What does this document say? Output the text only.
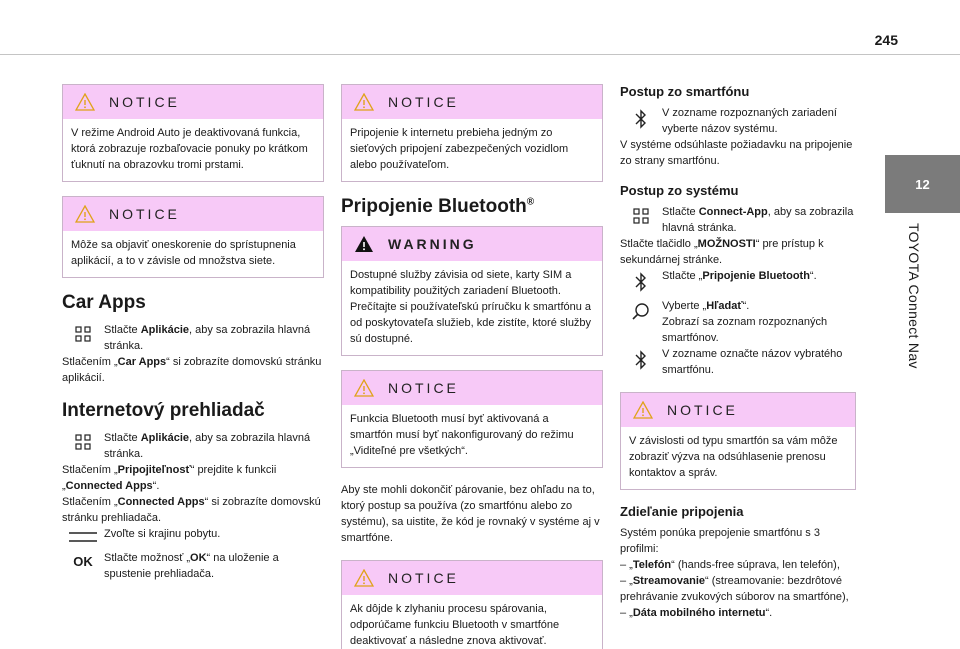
245
12
TOYOTA Connect Nav
NOTICE
V režime Android Auto je deaktivovaná funkcia, ktorá zobrazuje rozbaľovacie ponuky po krátkom ťuknutí na obrazovku tromi prstami.
NOTICE
Môže sa objaviť oneskorenie do sprístupnenia aplikácií, a to v závisle od množstva siete.
Car Apps

Stlačte Aplikácie, aby sa zobrazila hlavná stránka.

Stlačením „Car Apps“ si zobrazíte domovskú stránku aplikácií.

Internetový prehliadač

Stlačte Aplikácie, aby sa zobrazila hlavná stránka.

Stlačením „Pripojiteľnosť“ prejdite k funkcii „Connected Apps“.

Stlačením „Connected Apps“ si zobrazíte domovskú stránku prehliadača.

Zvoľte si krajinu pobytu.

OK	Stlačte možnosť „OK“ na uloženie a spustenie prehliadača.

NOTICE
Pripojenie k internetu prebieha jedným zo sieťových pripojení zabezpečených vozidlom alebo používateľom.
Pripojenie Bluetooth®
WARNING
Dostupné služby závisia od siete, karty SIM a kompatibility použitých zariadení Bluetooth. Prečítajte si používateľskú príručku k smartfónu a od poskytovateľa služieb, kde zistíte, ktoré služby sú dostupné.
NOTICE
Funkcia Bluetooth musí byť aktivovaná a smartfón musí byť nakonfigurovaný do režimu „Viditeľné pre všetkých“.

Aby ste mohli dokončiť párovanie, bez ohľadu na to, ktorý postup sa používa (zo smartfónu alebo zo systému), sa uistite, že kód je rovnaký v systéme aj v smartfóne.

NOTICE
Ak dôjde k zlyhaniu procesu spárovania, odporúčame funkciu Bluetooth v smartfóne deaktivovať a následne znova aktivovať.
Postup zo smartfónu

V zozname rozpoznaných zariadení vyberte názov systému.

V systéme odsúhlaste požiadavku na pripojenie zo strany smartfónu.

Postup zo systému

Stlačte Connect-App, aby sa zobrazila hlavná stránka.

Stlačte tlačidlo „MOŽNOSTI“ pre prístup k sekundárnej stránke.

Stlačte „Pripojenie Bluetooth“.

Vyberte „Hľadať“.
Zobrazí sa zoznam rozpoznaných smartfónov.

V zozname označte názov vybratého smartfónu.

NOTICE
V závislosti od typu smartfón sa vám môže zobraziť výzva na odsúhlasenie prenosu kontaktov a správ.
Zdieľanie pripojenia

Systém ponúka prepojenie smartfónu s 3 profilmi:

– „Telefón“ (hands-free súprava, len telefón),

– „Streamovanie“ (streamovanie: bezdrôtové prehrávanie zvukových súborov na smartfóne),

– „Dáta mobilného internetu“.
